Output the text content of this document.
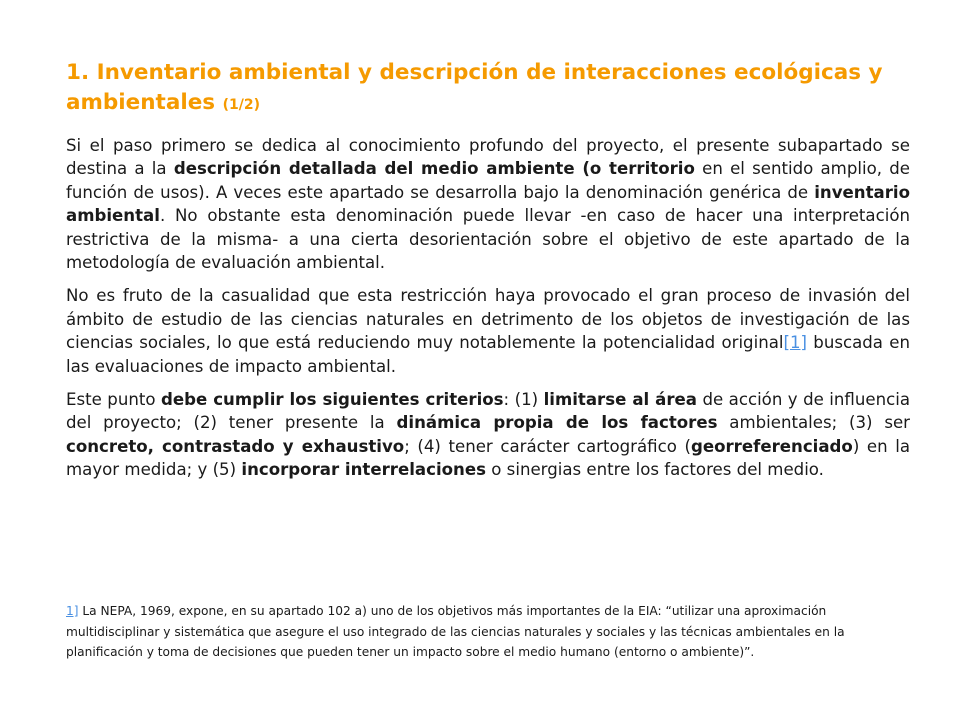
1. Inventario ambiental y descripción de interacciones ecológicas y ambientales (1/2)

Si el paso primero se dedica al conocimiento profundo del proyecto, el presente subapartado se destina a la descripción detallada del medio ambiente (o territorio en el sentido amplio, de función de usos). A veces este apartado se desarrolla bajo la denominación genérica de inventario ambiental. No obstante esta denominación puede llevar -en caso de hacer una interpretación restrictiva de la misma- a una cierta desorientación sobre el objetivo de este apartado de la metodología de evaluación ambiental.

No es fruto de la casualidad que esta restricción haya provocado el gran proceso de invasión del ámbito de estudio de las ciencias naturales en detrimento de los objetos de investigación de las ciencias sociales, lo que está reduciendo muy notablemente la potencialidad original[1] buscada en las evaluaciones de impacto ambiental.

Este punto debe cumplir los siguientes criterios: (1) limitarse al área de acción y de influencia del proyecto; (2) tener presente la dinámica propia de los factores ambientales; (3) ser concreto, contrastado y exhaustivo; (4) tener carácter cartográfico (georreferenciado) en la mayor medida; y (5) incorporar interrelaciones o sinergias entre los factores del medio.

1] La NEPA, 1969, expone, en su apartado 102 a) uno de los objetivos más importantes de la EIA: “utilizar una aproximación multidisciplinar y sistemática que asegure el uso integrado de las ciencias naturales y sociales y las técnicas ambientales en la planificación y toma de decisiones que pueden tener un impacto sobre el medio humano (entorno o ambiente)”.
